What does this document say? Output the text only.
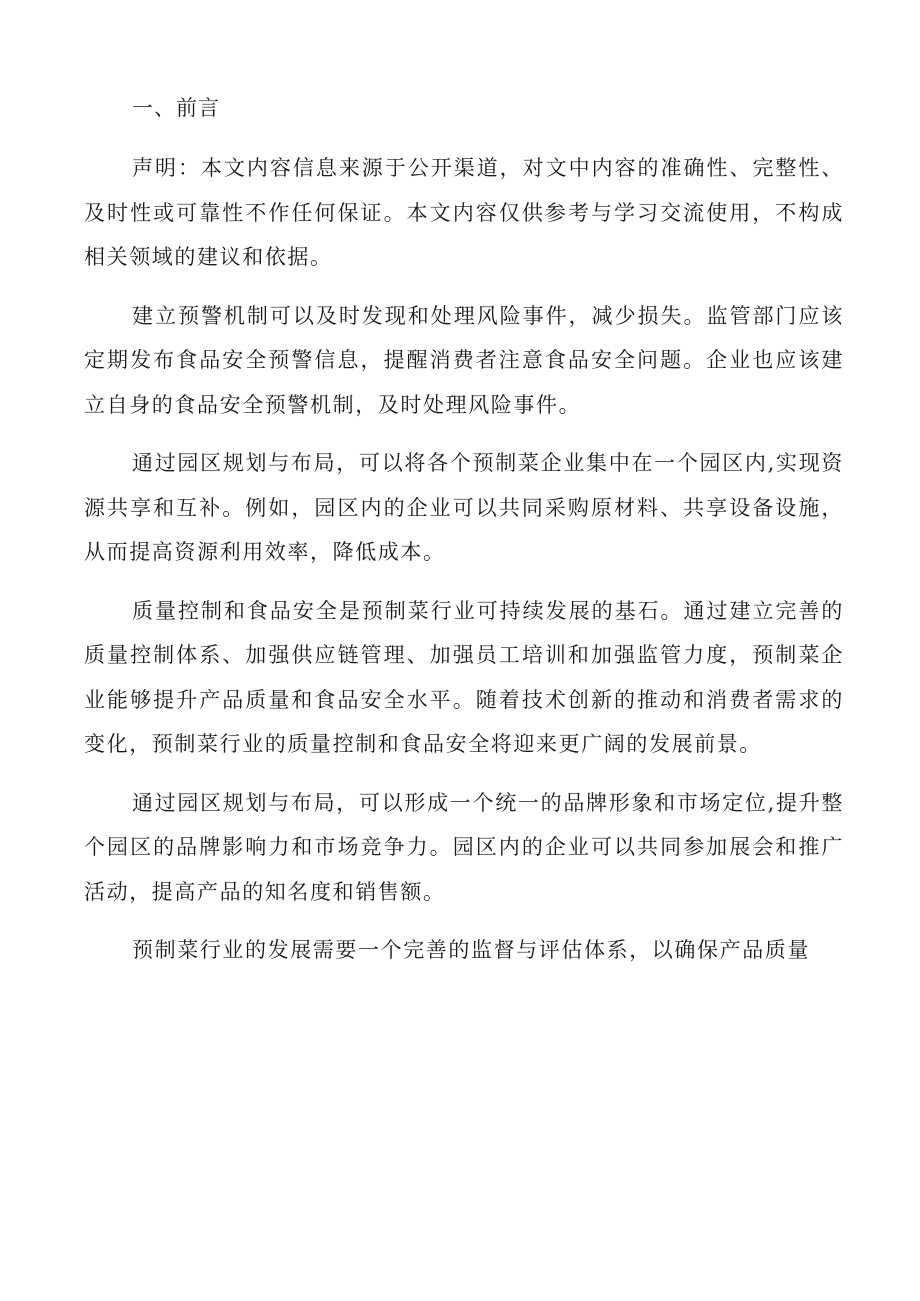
一、前言

声明：本文内容信息来源于公开渠道，对文中内容的准确性、完整性、及时性或可靠性不作任何保证。本文内容仅供参考与学习交流使用，不构成相关领域的建议和依据。

建立预警机制可以及时发现和处理风险事件，减少损失。监管部门应该定期发布食品安全预警信息，提醒消费者注意食品安全问题。企业也应该建立自身的食品安全预警机制，及时处理风险事件。

通过园区规划与布局，可以将各个预制菜企业集中在一个园区内,实现资源共享和互补。例如，园区内的企业可以共同采购原材料、共享设备设施，从而提高资源利用效率，降低成本。

质量控制和食品安全是预制菜行业可持续发展的基石。通过建立完善的质量控制体系、加强供应链管理、加强员工培训和加强监管力度，预制菜企业能够提升产品质量和食品安全水平。随着技术创新的推动和消费者需求的变化，预制菜行业的质量控制和食品安全将迎来更广阔的发展前景。

通过园区规划与布局，可以形成一个统一的品牌形象和市场定位,提升整个园区的品牌影响力和市场竞争力。园区内的企业可以共同参加展会和推广活动，提高产品的知名度和销售额。

预制菜行业的发展需要一个完善的监督与评估体系，以确保产品质量
